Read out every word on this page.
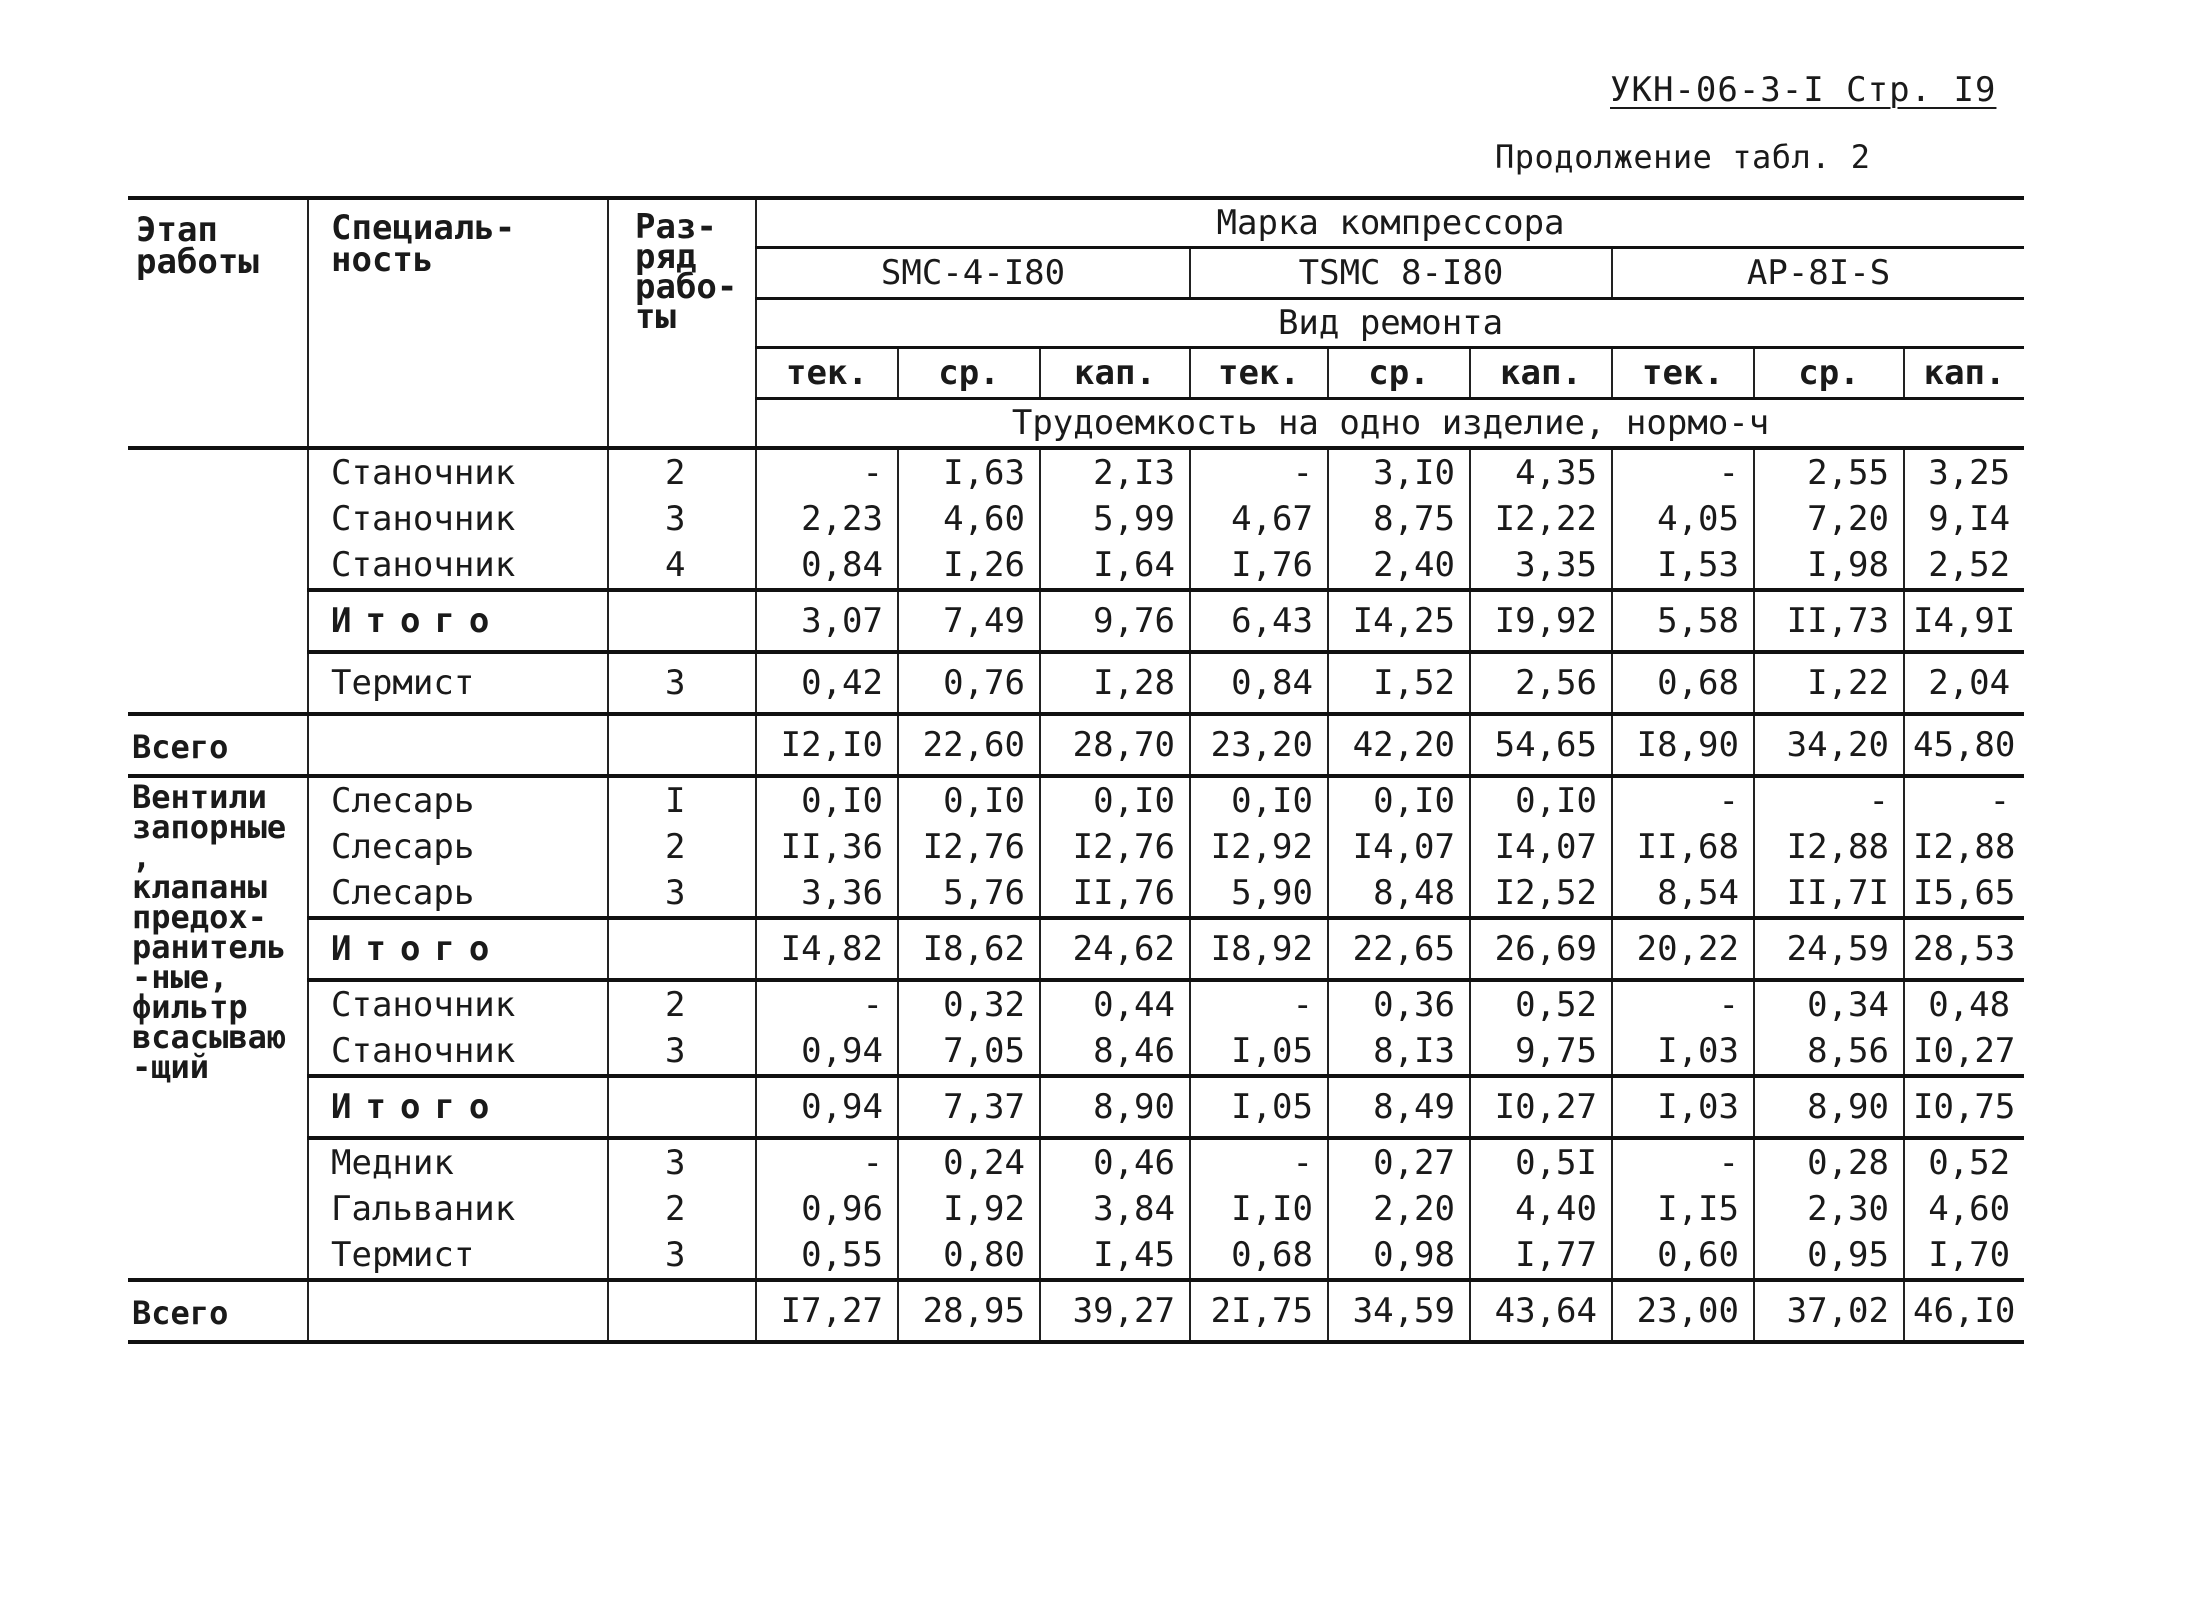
УКН-06-3-I Стр. I9
Продолжение табл. 2
Этап работы	Специаль-ность	Раз-ряд рабо-ты	Марка компрессора								
			SMC-4-I80			TSMC 8-I80			AP-8I-S		
			Вид ремонта								
			тек.	ср.	кап.	тек.	ср.	кап.	тек.	ср.	кап.
			Трудоемкость на одно изделие, нормо-ч								
	Станочник	2	-	I,63	2,I3	-	3,I0	4,35	-	2,55	3,25
	Станочник	3	2,23	4,60	5,99	4,67	8,75	I2,22	4,05	7,20	9,I4
	Станочник	4	0,84	I,26	I,64	I,76	2,40	3,35	I,53	I,98	2,52
	Итого		3,07	7,49	9,76	6,43	I4,25	I9,92	5,58	II,73	I4,9I
	Термист	3	0,42	0,76	I,28	0,84	I,52	2,56	0,68	I,22	2,04
Всего			I2,I0	22,60	28,70	23,20	42,20	54,65	I8,90	34,20	45,80
Вентили запорные, клапаны предох-ранитель-ные, фильтр всасываю-щий	Слесарь	I	0,I0	0,I0	0,I0	0,I0	0,I0	0,I0	-	-	-
	Слесарь	2	II,36	I2,76	I2,76	I2,92	I4,07	I4,07	II,68	I2,88	I2,88
	Слесарь	3	3,36	5,76	II,76	5,90	8,48	I2,52	8,54	II,7I	I5,65
	Итого		I4,82	I8,62	24,62	I8,92	22,65	26,69	20,22	24,59	28,53
	Станочник	2	-	0,32	0,44	-	0,36	0,52	-	0,34	0,48
	Станочник	3	0,94	7,05	8,46	I,05	8,I3	9,75	I,03	8,56	I0,27
	Итого		0,94	7,37	8,90	I,05	8,49	I0,27	I,03	8,90	I0,75
	Медник	3	-	0,24	0,46	-	0,27	0,5I	-	0,28	0,52
	Гальваник	2	0,96	I,92	3,84	I,I0	2,20	4,40	I,I5	2,30	4,60
	Термист	3	0,55	0,80	I,45	0,68	0,98	I,77	0,60	0,95	I,70
Всего			I7,27	28,95	39,27	2I,75	34,59	43,64	23,00	37,02	46,I0
